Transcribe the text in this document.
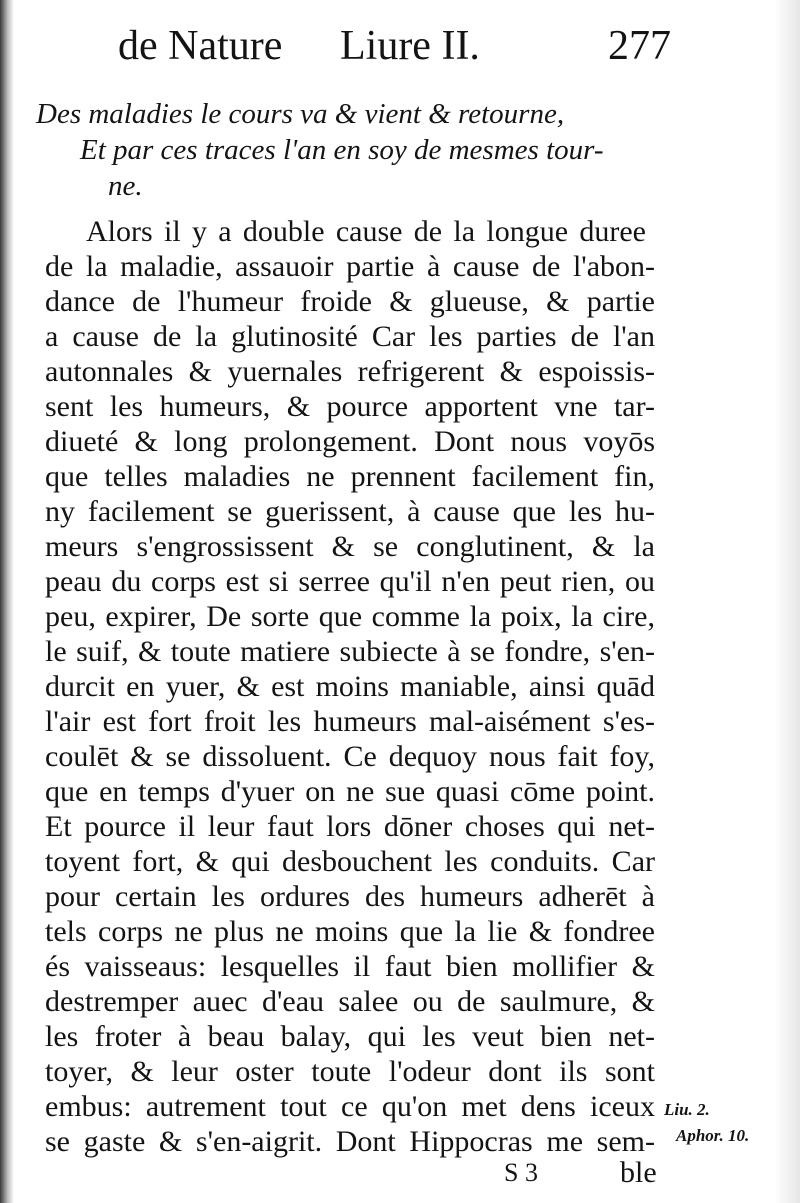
de Nature Liure II.	277
Des maladies le cours va & vient & retourne,
Et par ces traces l'an en soy de mesmes tour-
ne.
Alors il y a double cause de la longue duree
de la maladie, assauoir partie à cause de l'abon-
dance de l'humeur froide & glueuse, & partie
a cause de la glutinosité Car les parties de l'an
autonnales & yuernales refrigerent & espoissis-
sent les humeurs, & pource apportent vne tar-
diueté & long prolongement. Dont nous voyōs
que telles maladies ne prennent facilement fin,
ny facilement se guerissent, à cause que les hu-
meurs s'engrossissent & se conglutinent, & la
peau du corps est si serree qu'il n'en peut rien, ou
peu, expirer, De sorte que comme la poix, la cire,
le suif, & toute matiere subiecte à se fondre, s'en-
durcit en yuer, & est moins maniable, ainsi quād
l'air est fort froit les humeurs mal-aisément s'es-
coulēt & se dissoluent. Ce dequoy nous fait foy,
que en temps d'yuer on ne sue quasi cōme point.
Et pource il leur faut lors dōner choses qui net-
toyent fort, & qui desbouchent les conduits. Car
pour certain les ordures des humeurs adherēt à
tels corps ne plus ne moins que la lie & fondree
és vaisseaus: lesquelles il faut bien mollifier &
destremper auec d'eau salee ou de saulmure, &
les froter à beau balay, qui les veut bien net-
toyer, & leur oster toute l'odeur dont ils sont
embus: autrement tout ce qu'on met dens iceux
se gaste & s'en-aigrit. Dont Hippocras me sem-
Liu. 2.
Aphor. 10.
S 3	ble
